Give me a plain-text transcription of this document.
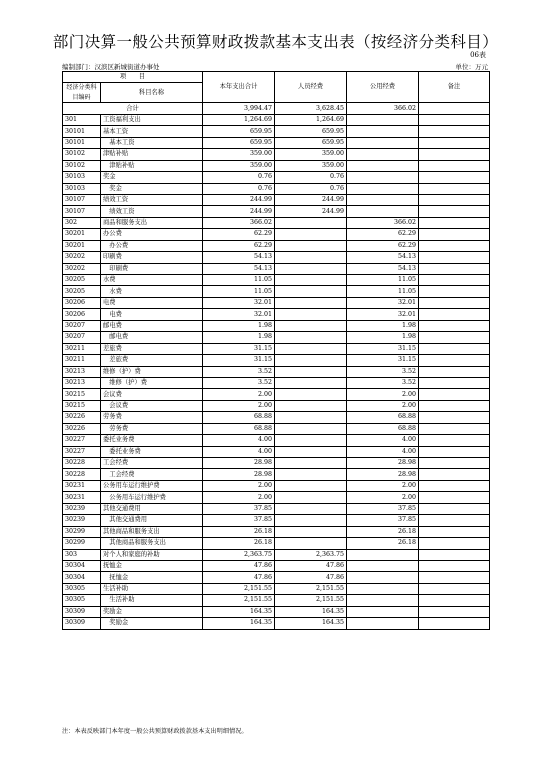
部门决算一般公共预算财政拨款基本支出表（按经济分类科目）
06表
编制部门：汉滨区新城街道办事处	单位：万元
项　　目		本年支出合计	人员经费	公用经费	备注
经济分类科目编码	科目名称				

合计		3,994.47	3,628.45	366.02	
301	工资福利支出	1,264.69	1,264.69		
30101	基本工资	659.95	659.95		
30101	　基本工资	659.95	659.95		
30102	津贴补贴	359.00	359.00		
30102	　津贴补贴	359.00	359.00		
30103	奖金	0.76	0.76		
30103	　奖金	0.76	0.76		
30107	绩效工资	244.99	244.99		
30107	　绩效工资	244.99	244.99		
302	商品和服务支出	366.02		366.02	
30201	办公费	62.29		62.29	
30201	　办公费	62.29		62.29	
30202	印刷费	54.13		54.13	
30202	　印刷费	54.13		54.13	
30205	水费	11.05		11.05	
30205	　水费	11.05		11.05	
30206	电费	32.01		32.01	
30206	　电费	32.01		32.01	
30207	邮电费	1.98		1.98	
30207	　邮电费	1.98		1.98	
30211	差旅费	31.15		31.15	
30211	　差旅费	31.15		31.15	
30213	维修（护）费	3.52		3.52	
30213	　维修（护）费	3.52		3.52	
30215	会议费	2.00		2.00	
30215	　会议费	2.00		2.00	
30226	劳务费	68.88		68.88	
30226	　劳务费	68.88		68.88	
30227	委托业务费	4.00		4.00	
30227	　委托业务费	4.00		4.00	
30228	工会经费	28.98		28.98	
30228	　工会经费	28.98		28.98	
30231	公务用车运行维护费	2.00		2.00	
30231	　公务用车运行维护费	2.00		2.00	
30239	其他交通费用	37.85		37.85	
30239	　其他交通费用	37.85		37.85	
30299	其他商品和服务支出	26.18		26.18	
30299	　其他商品和服务支出	26.18		26.18	
303	对个人和家庭的补助	2,363.75	2,363.75		
30304	抚恤金	47.86	47.86		
30304	　抚恤金	47.86	47.86		
30305	生活补助	2,151.55	2,151.55		
30305	　生活补助	2,151.55	2,151.55		
30309	奖励金	164.35	164.35		
30309	　奖励金	164.35	164.35		
注：本表反映部门本年度一般公共预算财政拨款基本支出明细情况。
